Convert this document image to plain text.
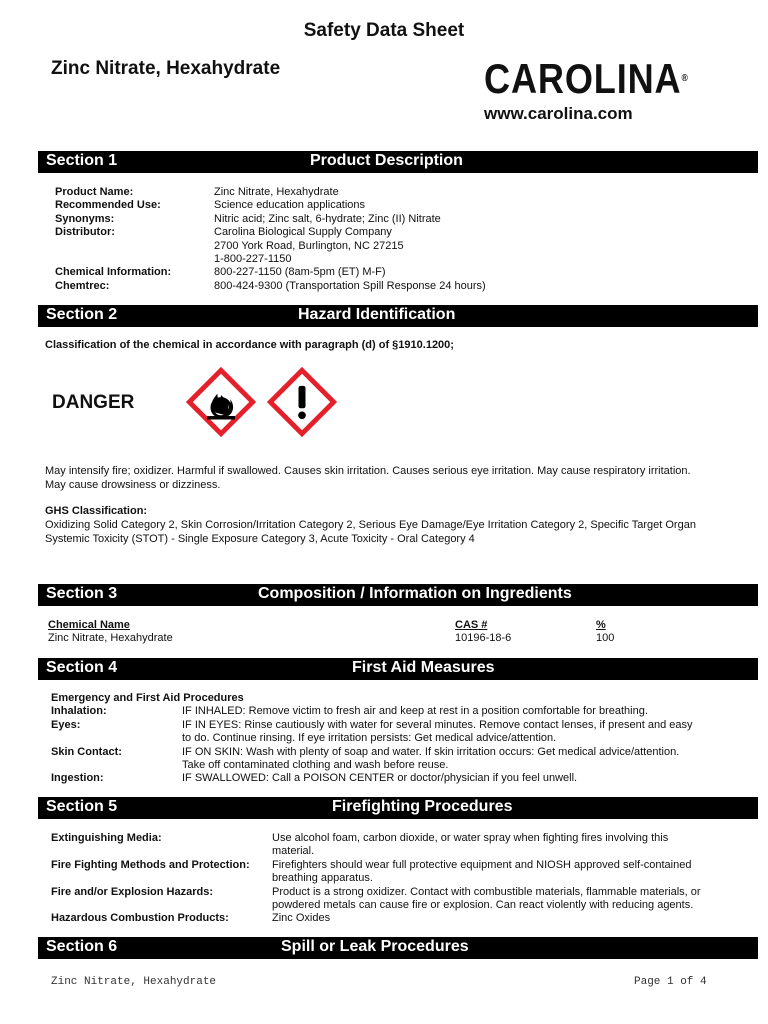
Safety Data Sheet
Zinc Nitrate, Hexahydrate	CAROLINA®
www.carolina.com
Section 1	Product Description
Product Name:	Zinc Nitrate, Hexahydrate
Recommended Use:	Science education applications
Synonyms:	Nitric acid; Zinc salt, 6-hydrate; Zinc (II) Nitrate
Distributor:	Carolina Biological Supply Company
2700 York Road, Burlington, NC 27215
1-800-227-1150
Chemical Information:	800-227-1150 (8am-5pm (ET) M-F)
Chemtrec:	800-424-9300 (Transportation Spill Response 24 hours)
Section 2	Hazard Identification
Classification of the chemical in accordance with paragraph (d) of §1910.1200;
DANGER
May intensify fire; oxidizer. Harmful if swallowed. Causes skin irritation. Causes serious eye irritation. May cause respiratory irritation.
May cause drowsiness or dizziness.
GHS Classification:
Oxidizing Solid Category 2, Skin Corrosion/Irritation Category 2, Serious Eye Damage/Eye Irritation Category 2, Specific Target Organ
Systemic Toxicity (STOT) - Single Exposure Category 3, Acute Toxicity - Oral Category 4
Section 3	Composition / Information on Ingredients
Chemical Name	CAS #	%
Zinc Nitrate, Hexahydrate	10196-18-6	100
Section 4	First Aid Measures
Emergency and First Aid Procedures
Inhalation:	IF INHALED: Remove victim to fresh air and keep at rest in a position comfortable for breathing.
Eyes:	IF IN EYES: Rinse cautiously with water for several minutes. Remove contact lenses, if present and easy
to do. Continue rinsing. If eye irritation persists: Get medical advice/attention.
Skin Contact:	IF ON SKIN: Wash with plenty of soap and water. If skin irritation occurs: Get medical advice/attention.
Take off contaminated clothing and wash before reuse.
Ingestion:	IF SWALLOWED: Call a POISON CENTER or doctor/physician if you feel unwell.
Section 5	Firefighting Procedures
Extinguishing Media:	Use alcohol foam, carbon dioxide, or water spray when fighting fires involving this
material.
Fire Fighting Methods and Protection: Firefighters should wear full protective equipment and NIOSH approved self-contained
breathing apparatus.
Fire and/or Explosion Hazards:	Product is a strong oxidizer. Contact with combustible materials, flammable materials, or
powdered metals can cause fire or explosion. Can react violently with reducing agents.
Hazardous Combustion Products:	Zinc Oxides
Section 6	Spill or Leak Procedures
Zinc Nitrate, Hexahydrate	Page 1 of 4
